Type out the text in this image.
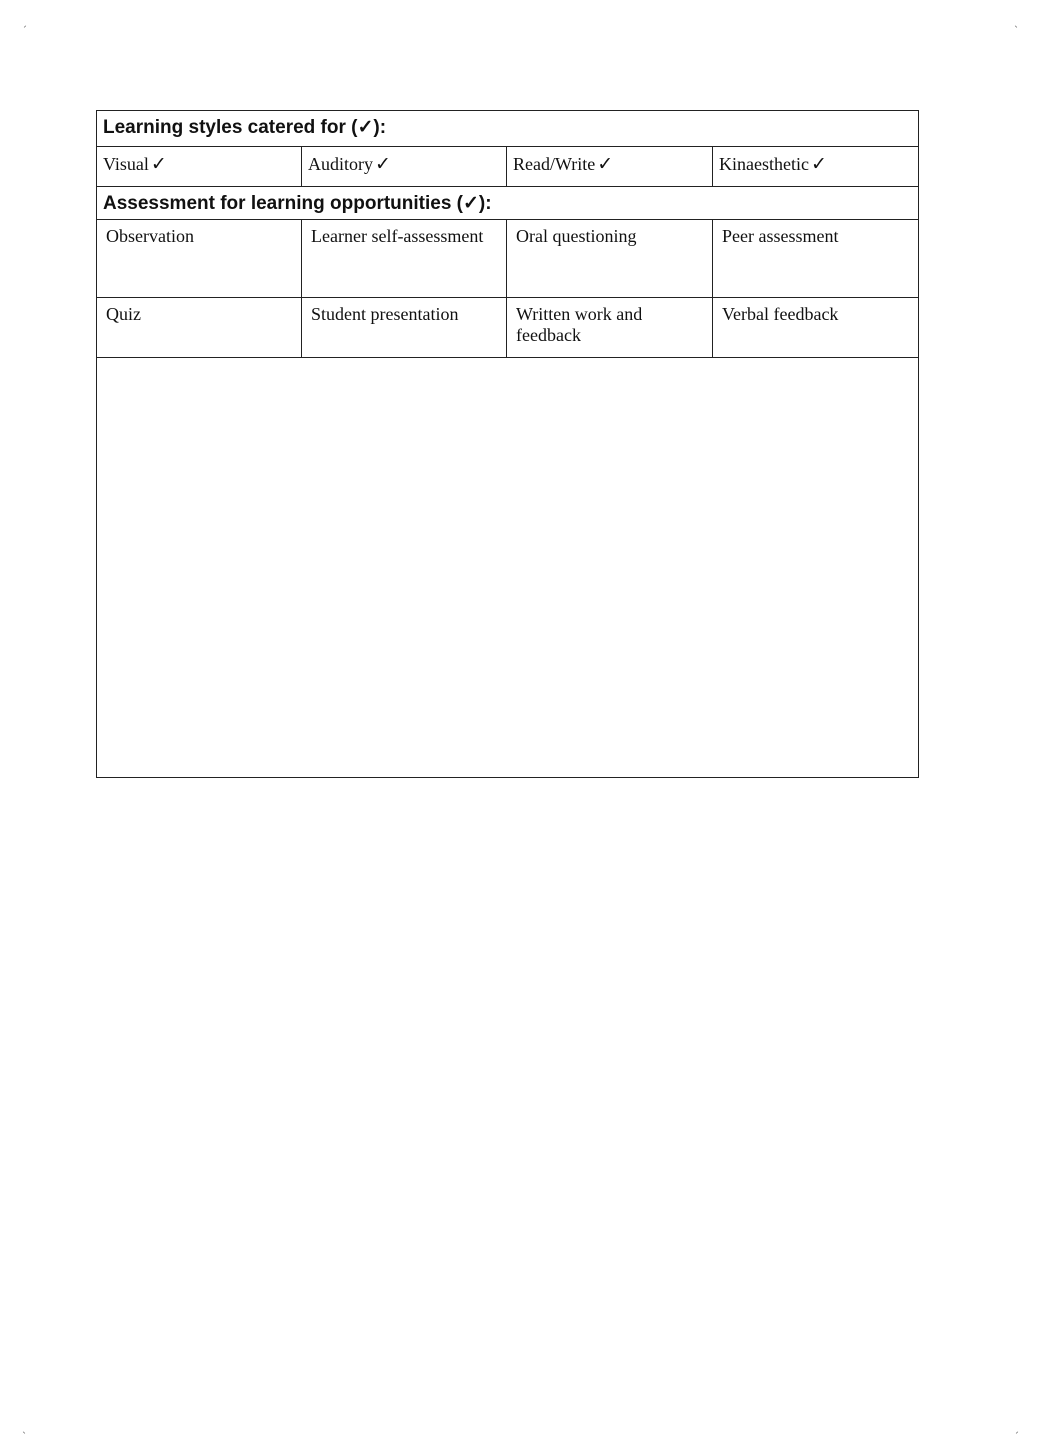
ˏ	ˎ
ˎ	ˏ
Learning styles catered for (✓):			
Visual ✓	Auditory ✓	Read/Write ✓	Kinaesthetic ✓
Assessment for learning opportunities (✓):			
Observation	Learner self-assessment	Oral questioning	Peer assessment
Quiz	Student presentation	Written work and feedback	Verbal feedback
